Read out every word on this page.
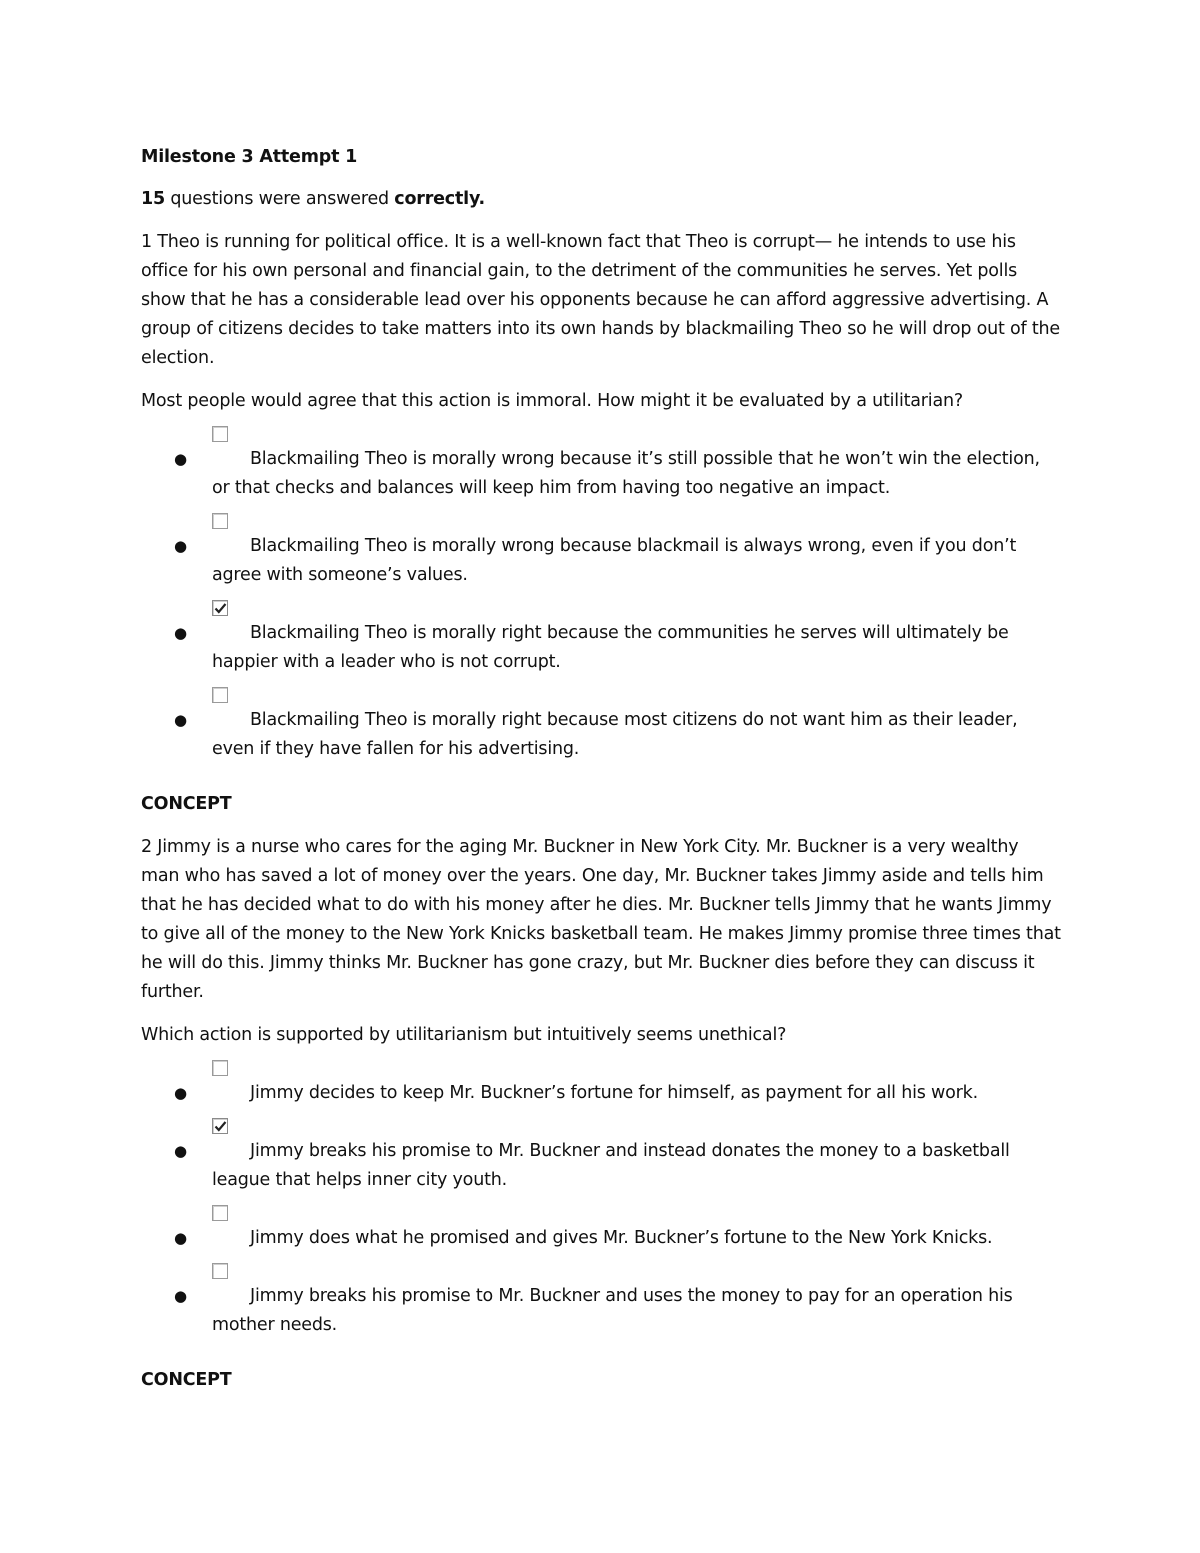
Milestone 3 Attempt 1
15 questions were answered correctly.
1 Theo is running for political office. It is a well-known fact that Theo is corrupt— he intends to use his office for his own personal and financial gain, to the detriment of the communities he serves. Yet polls show that he has a considerable lead over his opponents because he can afford aggressive advertising. A group of citizens decides to take matters into its own hands by blackmailing Theo so he will drop out of the election.
Most people would agree that this action is immoral. How might it be evaluated by a utilitarian?
●	Blackmailing Theo is morally wrong because it’s still possible that he won’t win the election, or that checks and balances will keep him from having too negative an impact.
●	Blackmailing Theo is morally wrong because blackmail is always wrong, even if you don’t agree with someone’s values.
●	Blackmailing Theo is morally right because the communities he serves will ultimately be happier with a leader who is not corrupt.
●	Blackmailing Theo is morally right because most citizens do not want him as their leader, even if they have fallen for his advertising.
CONCEPT
2 Jimmy is a nurse who cares for the aging Mr. Buckner in New York City. Mr. Buckner is a very wealthy man who has saved a lot of money over the years. One day, Mr. Buckner takes Jimmy aside and tells him that he has decided what to do with his money after he dies. Mr. Buckner tells Jimmy that he wants Jimmy to give all of the money to the New York Knicks basketball team. He makes Jimmy promise three times that he will do this. Jimmy thinks Mr. Buckner has gone crazy, but Mr. Buckner dies before they can discuss it further.
Which action is supported by utilitarianism but intuitively seems unethical?
●	Jimmy decides to keep Mr. Buckner’s fortune for himself, as payment for all his work.
●	Jimmy breaks his promise to Mr. Buckner and instead donates the money to a basketball league that helps inner city youth.
●	Jimmy does what he promised and gives Mr. Buckner’s fortune to the New York Knicks.
●	Jimmy breaks his promise to Mr. Buckner and uses the money to pay for an operation his mother needs.
CONCEPT
